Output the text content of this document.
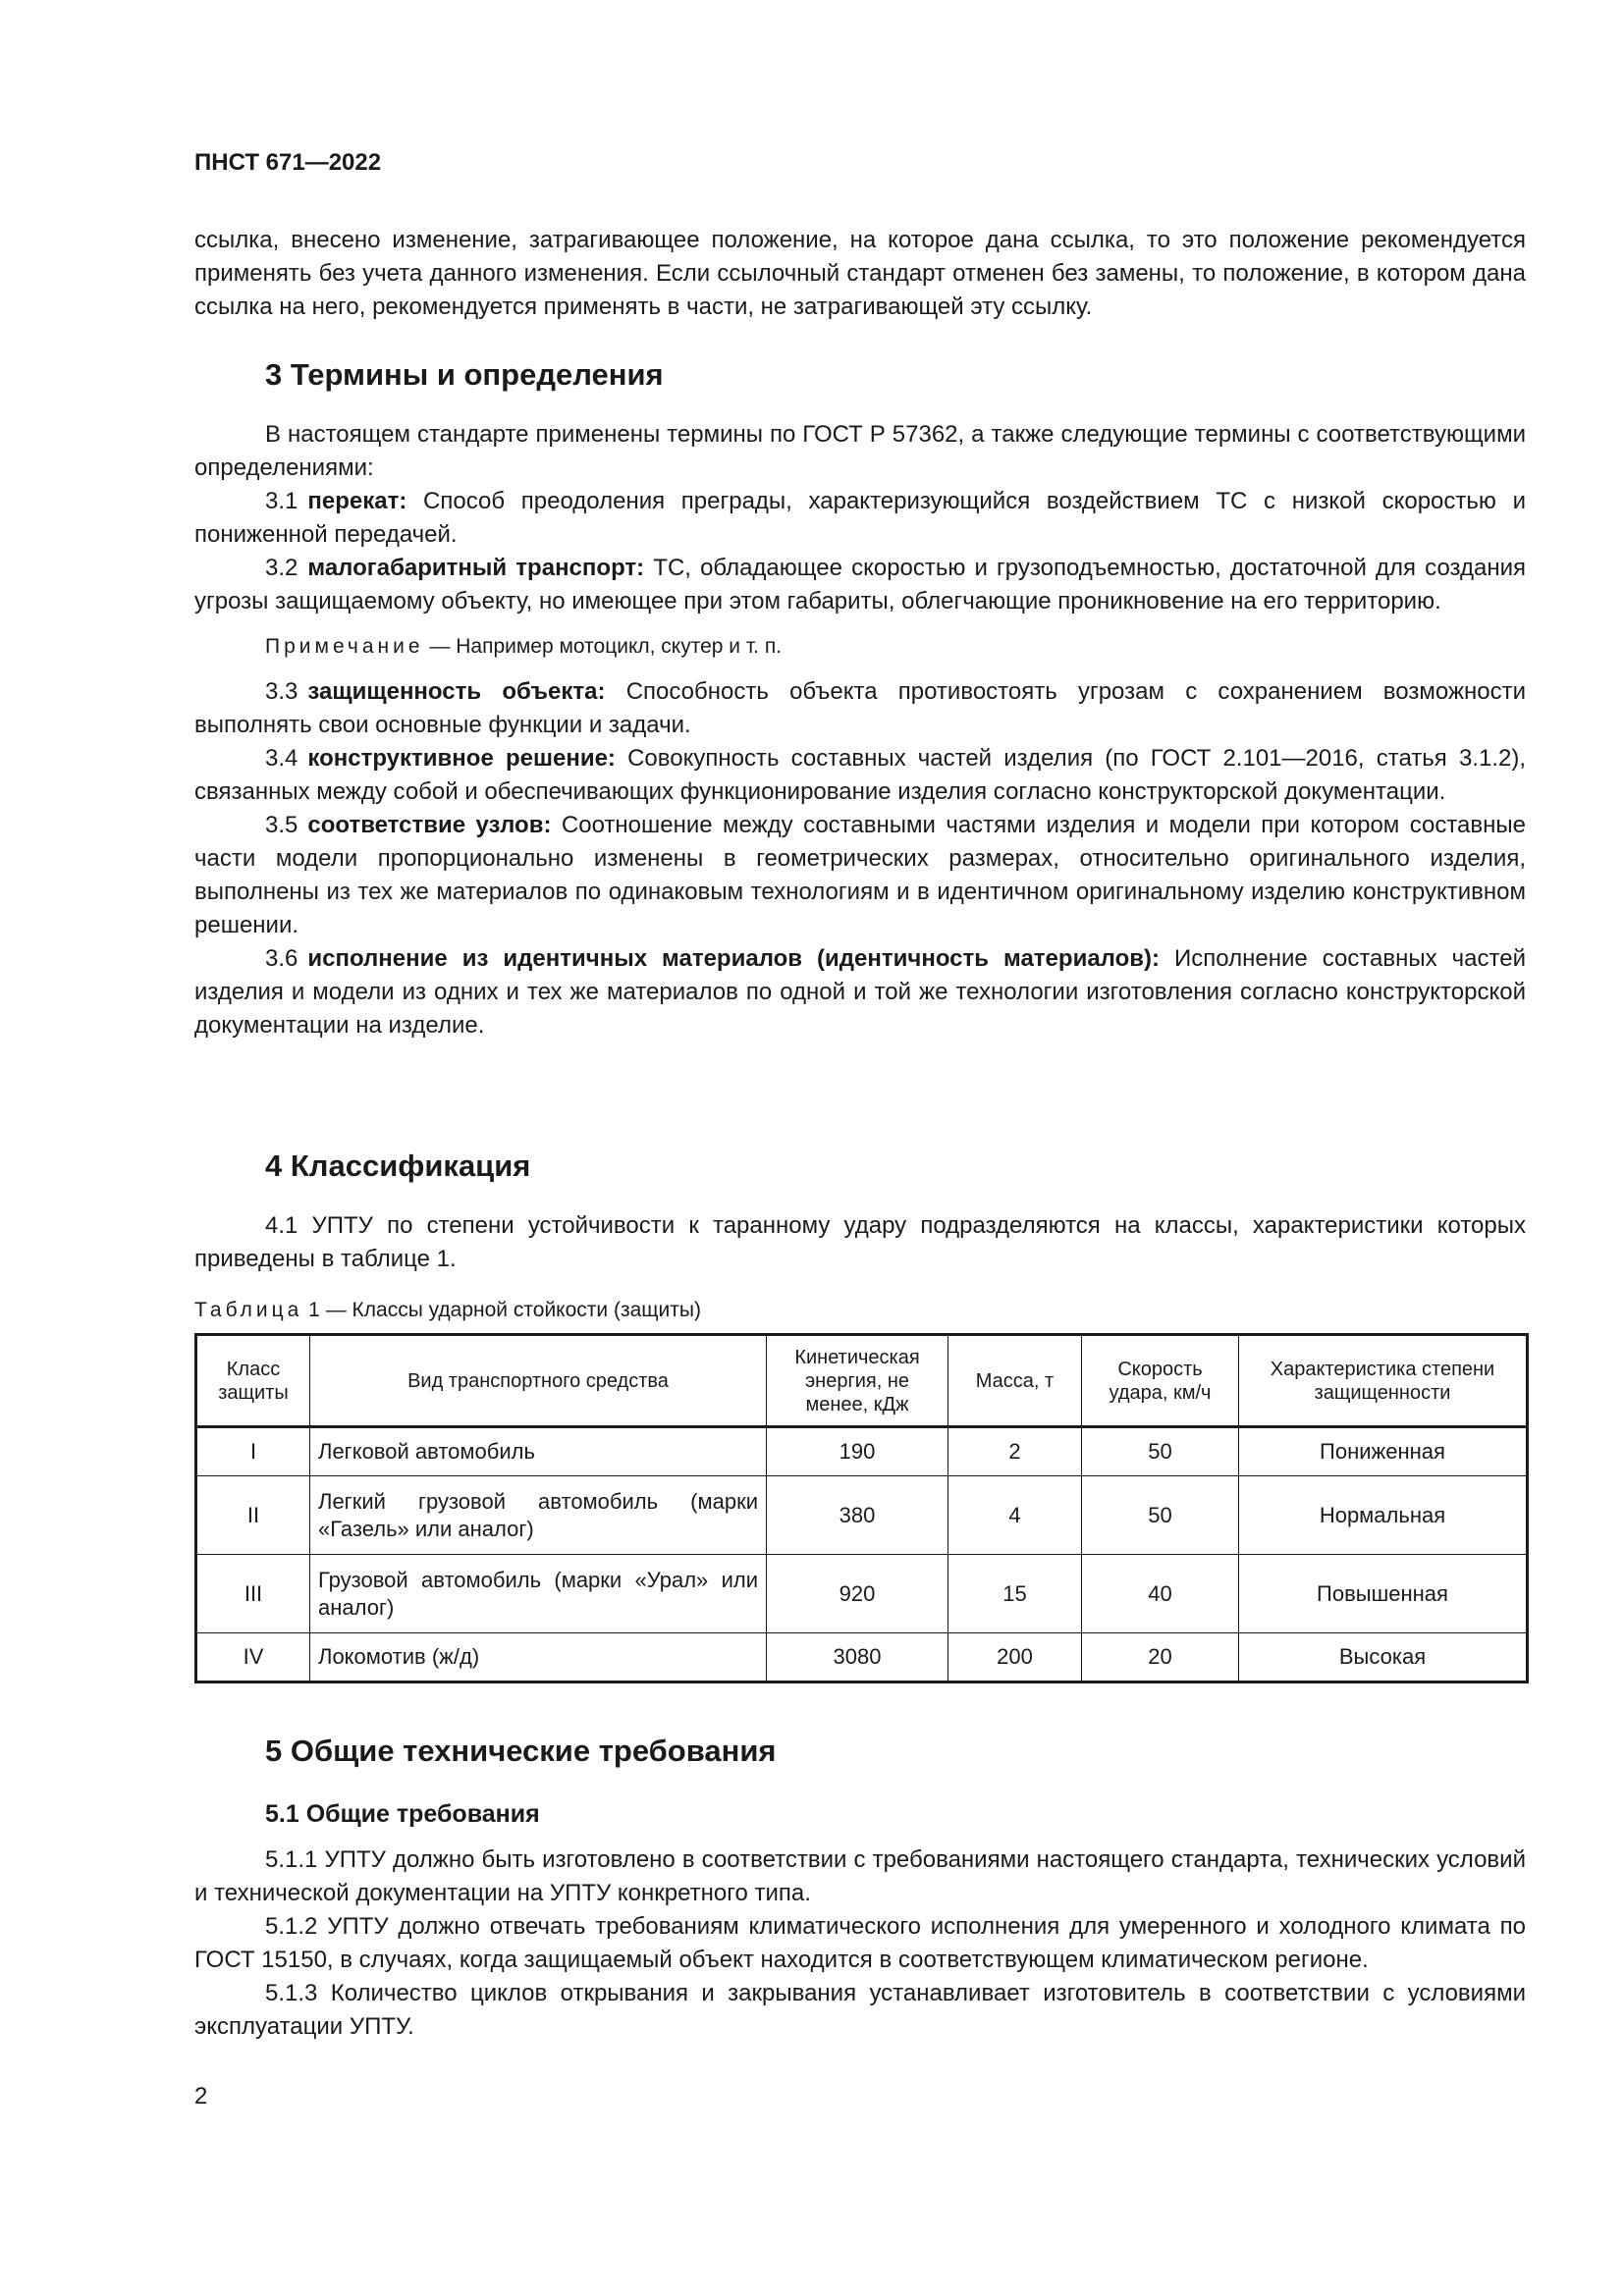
ПНСТ 671—2022

ссылка, внесено изменение, затрагивающее положение, на которое дана ссылка, то это положение рекомендуется применять без учета данного изменения. Если ссылочный стандарт отменен без замены, то положение, в котором дана ссылка на него, рекомендуется применять в части, не затрагивающей эту ссылку.

3 Термины и определения

В настоящем стандарте применены термины по ГОСТ Р 57362, а также следующие термины с соответствующими определениями:

3.1 перекат: Способ преодоления преграды, характеризующийся воздействием ТС с низкой скоростью и пониженной передачей.

3.2 малогабаритный транспорт: ТС, обладающее скоростью и грузоподъемностью, достаточной для создания угрозы защищаемому объекту, но имеющее при этом габариты, облегчающие проникновение на его территорию.

Примечание — Например мотоцикл, скутер и т. п.

3.3 защищенность объекта: Способность объекта противостоять угрозам с сохранением возможности выполнять свои основные функции и задачи.

3.4 конструктивное решение: Совокупность составных частей изделия (по ГОСТ 2.101—2016, статья 3.1.2), связанных между собой и обеспечивающих функционирование изделия согласно конструкторской документации.

3.5 соответствие узлов: Соотношение между составными частями изделия и модели при котором составные части модели пропорционально изменены в геометрических размерах, относительно оригинального изделия, выполнены из тех же материалов по одинаковым технологиям и в идентичном оригинальному изделию конструктивном решении.

3.6 исполнение из идентичных материалов (идентичность материалов): Исполнение составных частей изделия и модели из одних и тех же материалов по одной и той же технологии изготовления согласно конструкторской документации на изделие.

4 Классификация

4.1 УПТУ по степени устойчивости к таранному удару подразделяются на классы, характеристики которых приведены в таблице 1.

Таблица 1 — Классы ударной стойкости (защиты)

Класс защиты	Вид транспортного средства	Кинетическая энергия, не менее, кДж	Масса, т	Скорость удара, км/ч	Характеристика степени защищенности
I	Легковой автомобиль	190	2	50	Пониженная
II	Легкий грузовой автомобиль (марки «Газель» или аналог)	380	4	50	Нормальная
III	Грузовой автомобиль (марки «Урал» или аналог)	920	15	40	Повышенная
IV	Локомотив (ж/д)	3080	200	20	Высокая
5 Общие технические требования
5.1 Общие требования

5.1.1 УПТУ должно быть изготовлено в соответствии с требованиями настоящего стандарта, технических условий и технической документации на УПТУ конкретного типа.

5.1.2 УПТУ должно отвечать требованиям климатического исполнения для умеренного и холодного климата по ГОСТ 15150, в случаях, когда защищаемый объект находится в соответствующем климатическом регионе.

5.1.3 Количество циклов открывания и закрывания устанавливает изготовитель в соответствии с условиями эксплуатации УПТУ.

2
